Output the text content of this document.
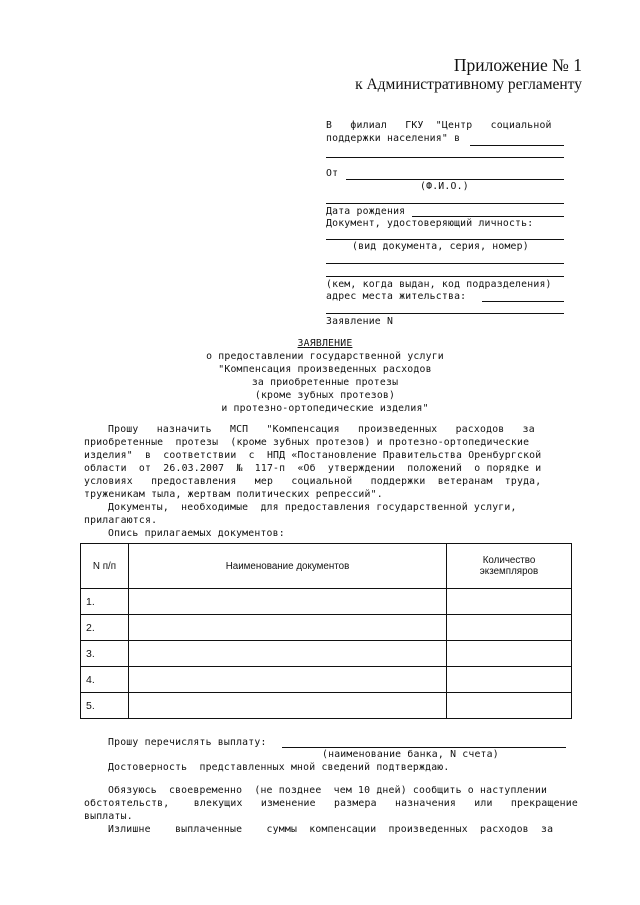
Приложение № 1
к Административному регламенту
В   филиал   ГКУ  "Центр   социальной
поддержки населения" в
От
(Ф.И.О.)
Дата рождения
Документ, удостоверяющий личность:
(вид документа, серия, номер)
(кем, когда выдан, код подразделения)
адрес места жительства:
Заявление N
ЗАЯВЛЕНИЕ
о предоставлении государственной услуги
"Компенсация произведенных расходов
за приобретенные протезы
(кроме зубных протезов)
и протезно-ортопедические изделия"
Прошу   назначить   МСП   "Компенсация   произведенных   расходов   за
приобретенные  протезы  (кроме зубных протезов) и протезно-ортопедические
изделия"  в  соответствии  с  НПД «Постановление Правительства Оренбургской
области  от  26.03.2007  №  117-п  «Об  утверждении  положений  о порядке и
условиях   предоставления   мер   социальной   поддержки  ветеранам  труда,
труженикам тыла, жертвам политических репрессий".
Документы,  необходимые  для предоставления государственной услуги,
прилагаются.
Опись прилагаемых документов:
N п/п	Наименование документов	Количество
экземпляров
1.		
2.		
3.		
4.		
5.		
Прошу перечислять выплату:
(наименование банка, N счета)
Достоверность  представленных мной сведений подтверждаю.
Обязуюсь  своевременно  (не позднее  чем 10 дней) сообщить о наступлении
обстоятельств,    влекущих   изменение   размера   назначения   или   прекращение
выплаты.
Излишне    выплаченные    суммы  компенсации  произведенных  расходов  за
